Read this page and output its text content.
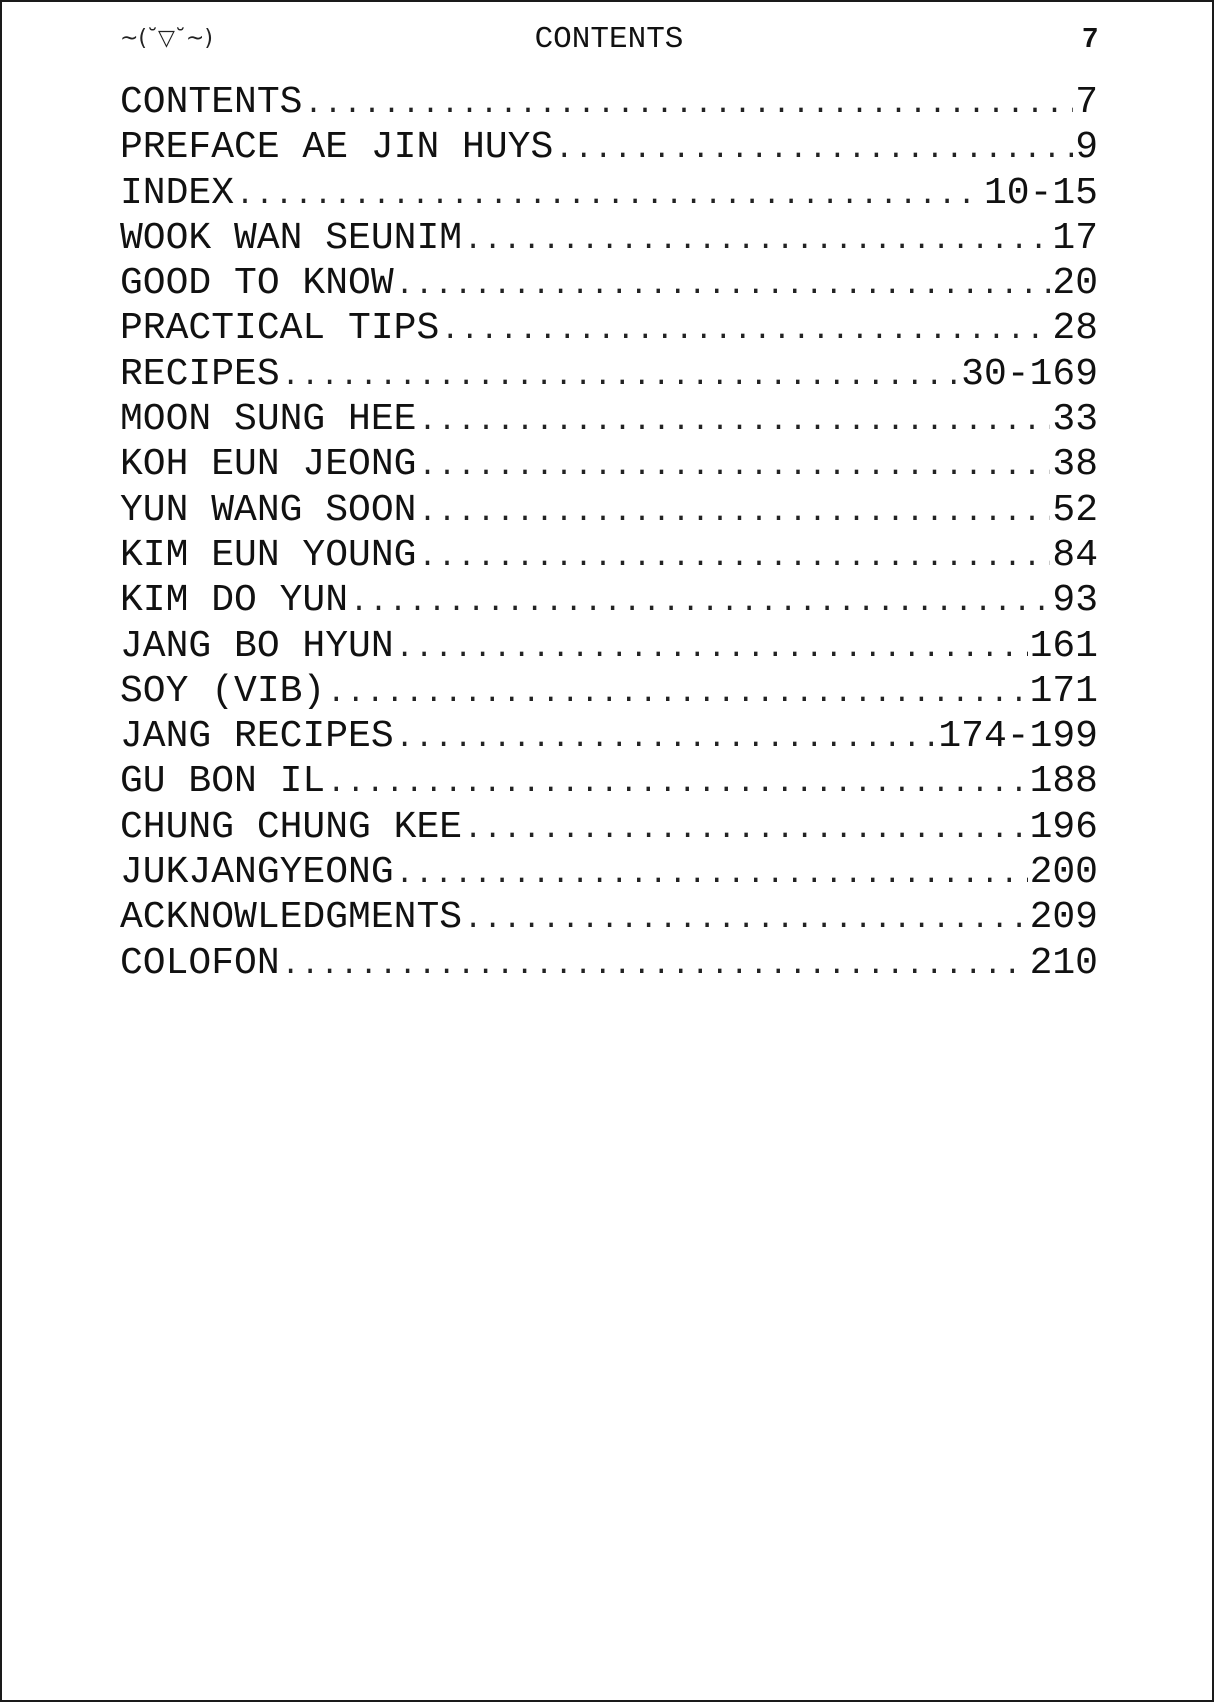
~(˘▽˘~)	CONTENTS	7
CONTENTS .....	7
PREFACE AE JIN HUYS .....	9
INDEX .....	10-15
WOOK WAN SEUNIM .....	17
GOOD TO KNOW .....	20
PRACTICAL TIPS .....	28
RECIPES .....	30-169
MOON SUNG HEE .....	33
KOH EUN JEONG .....	38
YUN WANG SOON .....	52
KIM EUN YOUNG .....	84
KIM DO YUN .....	93
JANG BO HYUN .....	161
SOY (VIB) .....	171
JANG RECIPES .....	174-199
GU BON IL .....	188
CHUNG CHUNG KEE .....	196
JUKJANGYEONG .....	200
ACKNOWLEDGMENTS .....	209
COLOFON .....	210
